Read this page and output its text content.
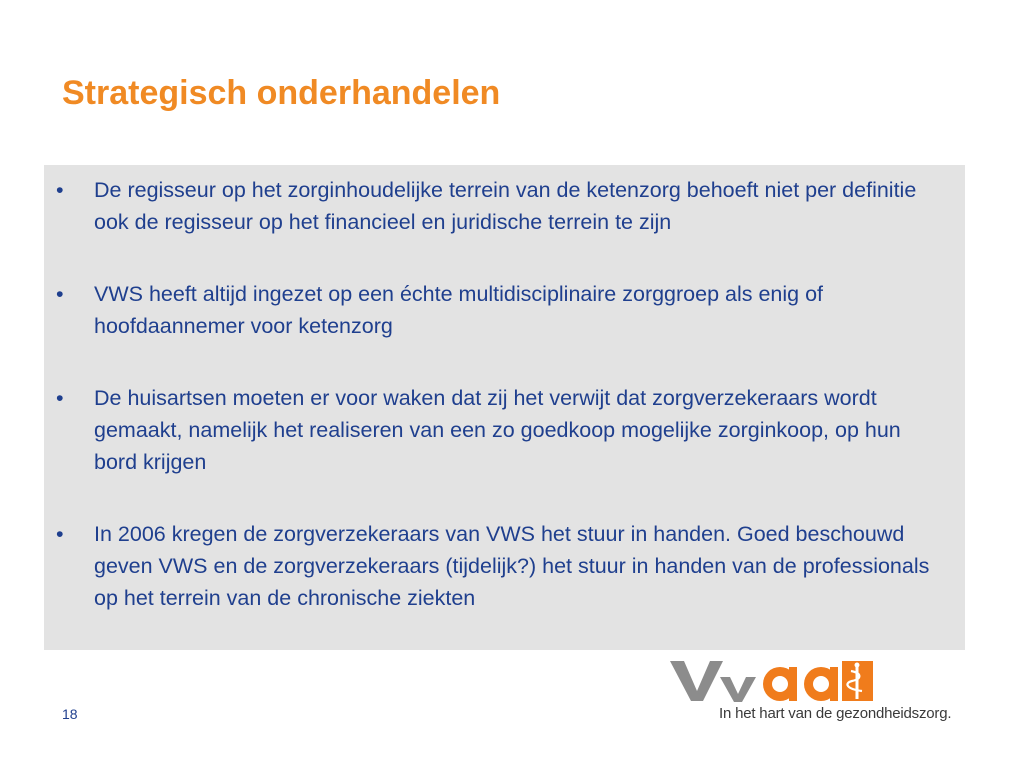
Strategisch onderhandelen
• De regisseur op het zorginhoudelijke terrein van de ketenzorg behoeft niet per definitie ook de regisseur op het financieel en juridische terrein te zijn
• VWS heeft altijd ingezet op een échte multidisciplinaire zorggroep als enig of hoofdaannemer voor ketenzorg
• De huisartsen moeten er voor waken dat zij het verwijt dat zorgverzekeraars wordt gemaakt, namelijk het realiseren van een zo goedkoop mogelijke zorginkoop, op hun bord krijgen
• In 2006 kregen de zorgverzekeraars van VWS het stuur in handen. Goed beschouwd geven VWS en de zorgverzekeraars (tijdelijk?) het stuur in handen van de professionals op het terrein van de chronische ziekten
18	In het hart van de gezondheidszorg.
